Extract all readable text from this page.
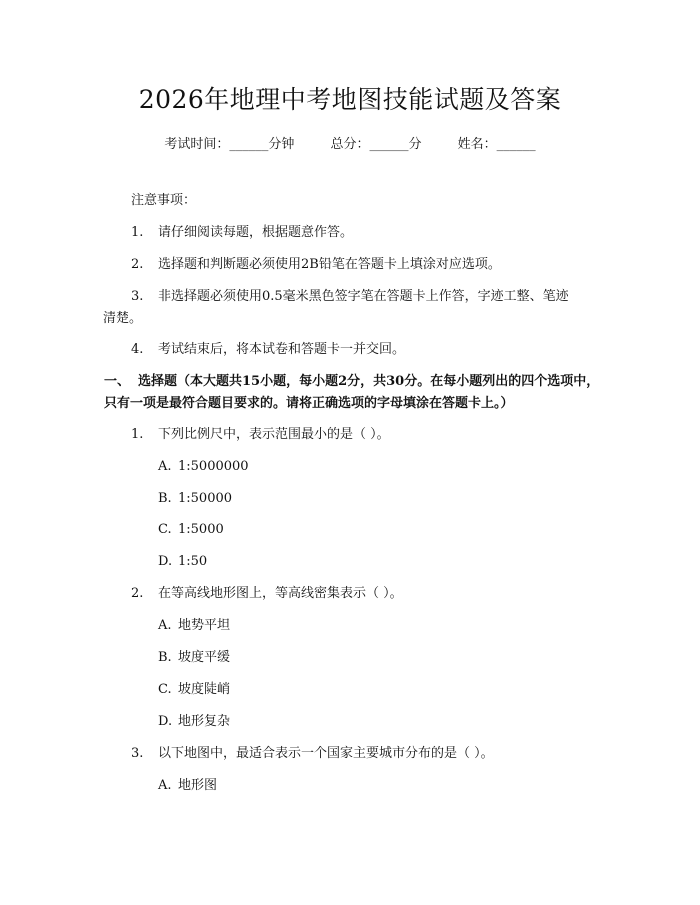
2026年地理中考地图技能试题及答案
考试时间：______分钟	总分：______分	姓名：______

注意事项：

1. 请仔细阅读每题，根据题意作答。

2. 选择题和判断题必须使用2B铅笔在答题卡上填涂对应选项。

3. 非选择题必须使用0.5毫米黑色签字笔在答题卡上作答，字迹工整、笔迹
清楚。

4. 考试结束后，将本试卷和答题卡一并交回。

一、 选择题（本大题共15小题，每小题2分，共30分。在每小题列出的四个选项中，只有一项是最符合题目要求的。请将正确选项的字母填涂在答题卡上。）

1. 下列比例尺中，表示范围最小的是（ ）。

A. 1:5000000

B. 1:50000

C. 1:5000

D. 1:50

2. 在等高线地形图上，等高线密集表示（ ）。

A. 地势平坦

B. 坡度平缓

C. 坡度陡峭

D. 地形复杂

3. 以下地图中，最适合表示一个国家主要城市分布的是（ ）。

A. 地形图
